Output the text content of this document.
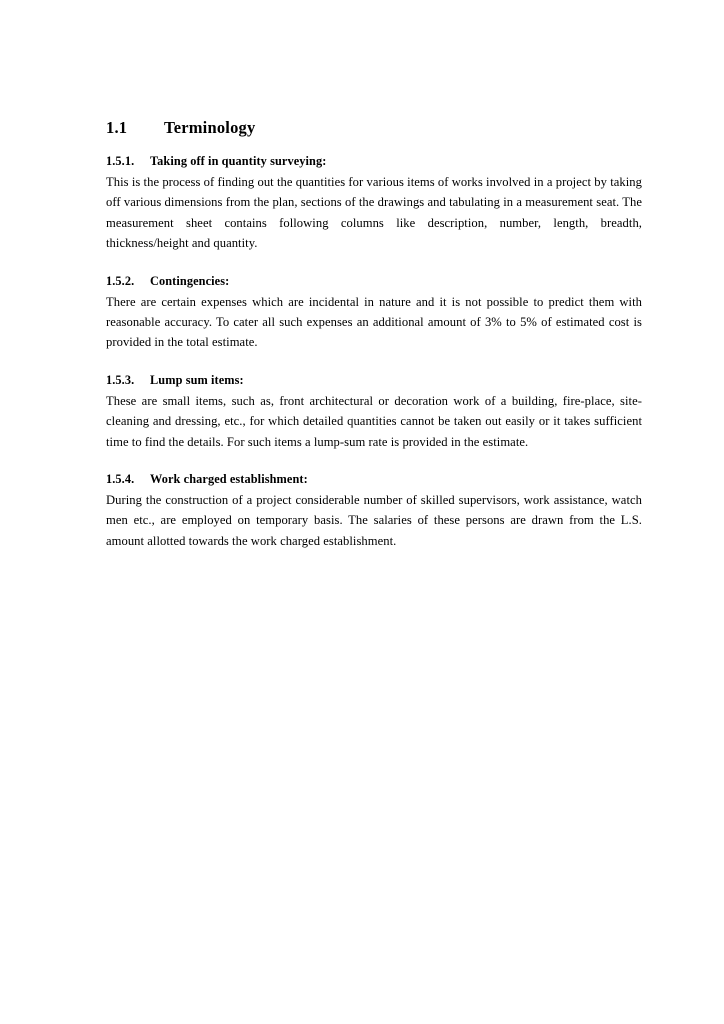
1.1 Terminology
1.5.1. Taking off in quantity surveying:

This is the process of finding out the quantities for various items of works involved in a project by taking off various dimensions from the plan, sections of the drawings and tabulating in a measurement seat. The measurement sheet contains following columns like description, number, length, breadth, thickness/height and quantity.

1.5.2. Contingencies:

There are certain expenses which are incidental in nature and it is not possible to predict them with reasonable accuracy. To cater all such expenses an additional amount of 3% to 5% of estimated cost is provided in the total estimate.

1.5.3. Lump sum items:

These are small items, such as, front architectural or decoration work of a building, fire-place, site-cleaning and dressing, etc., for which detailed quantities cannot be taken out easily or it takes sufficient time to find the details. For such items a lump-sum rate is provided in the estimate.

1.5.4. Work charged establishment:

During the construction of a project considerable number of skilled supervisors, work assistance, watch men etc., are employed on temporary basis. The salaries of these persons are drawn from the L.S. amount allotted towards the work charged establishment.
